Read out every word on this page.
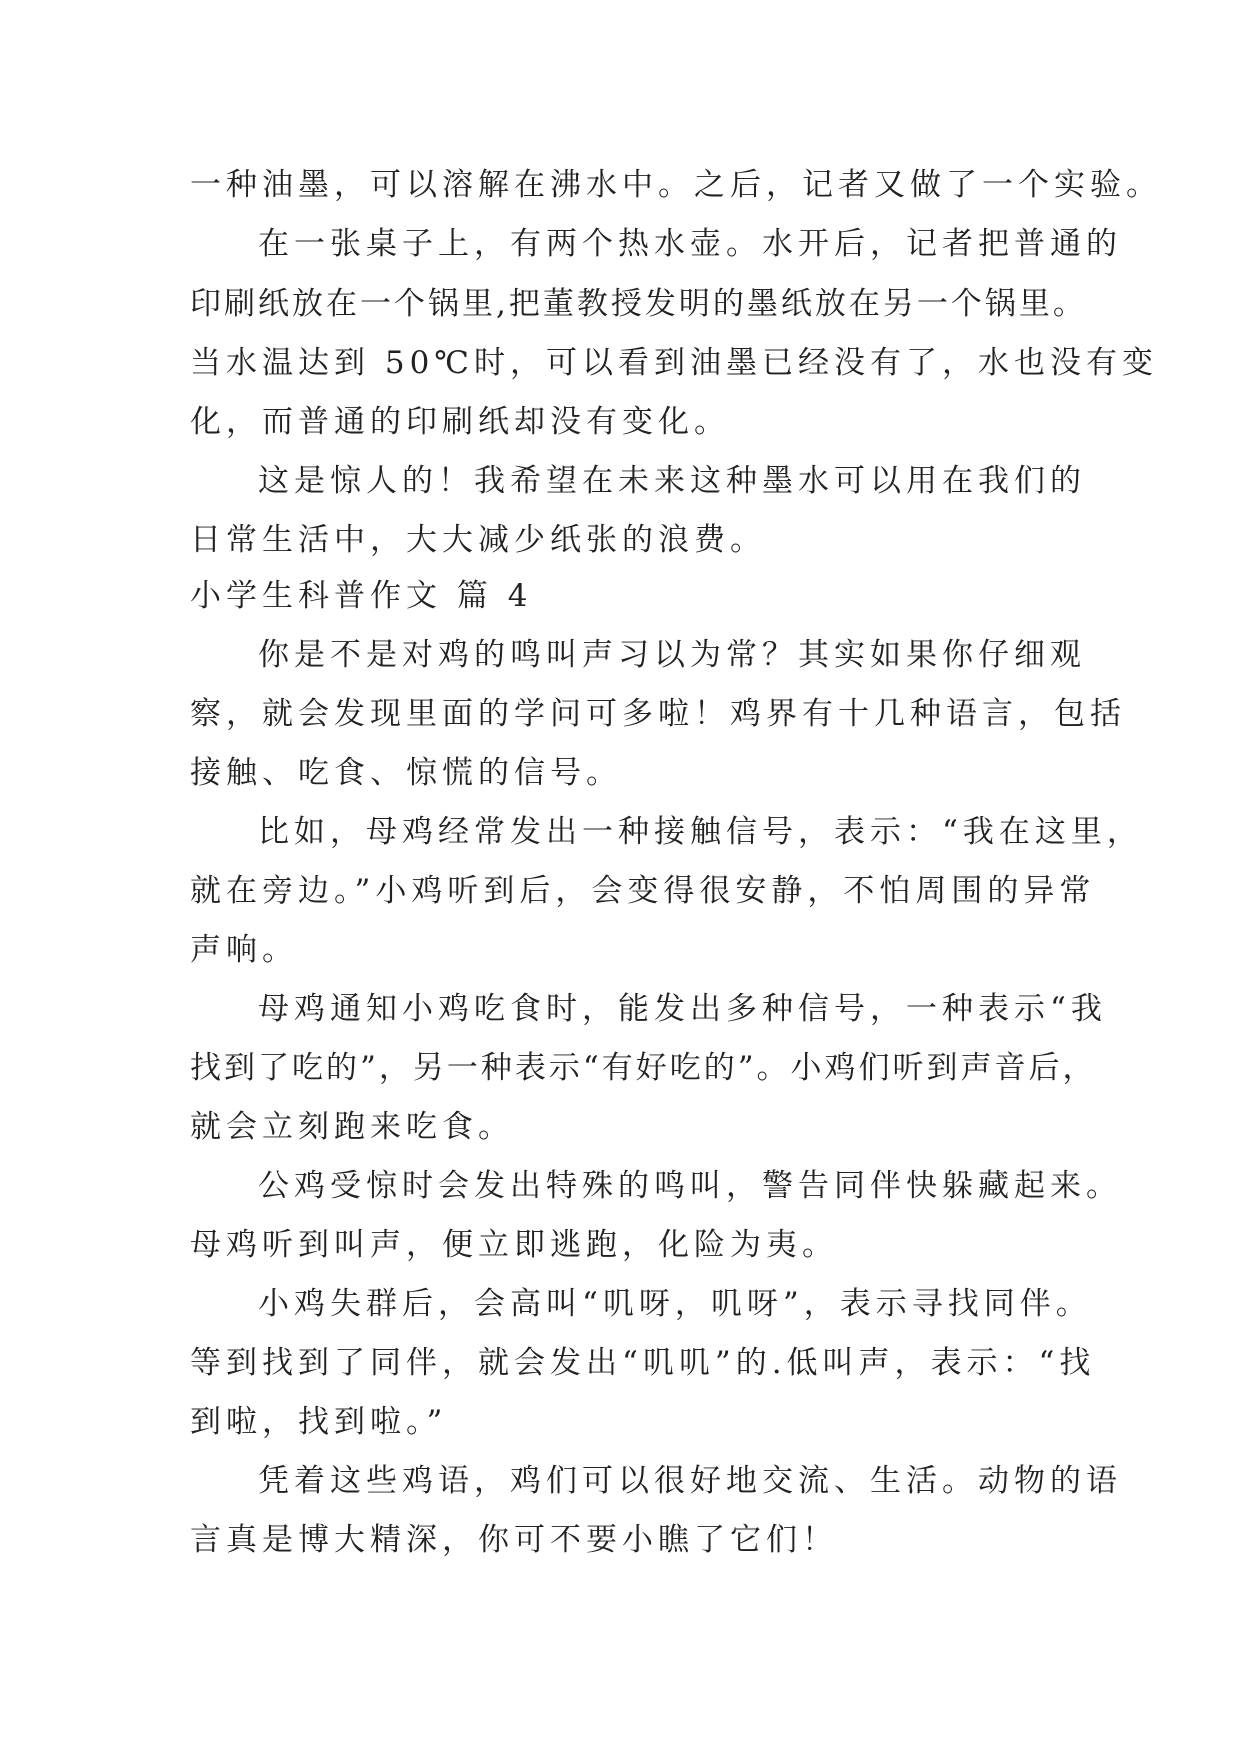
一种油墨，可以溶解在沸水中。之后，记者又做了一个实验。
在一张桌子上，有两个热水壶。水开后，记者把普通的
印刷纸放在一个锅里,把董教授发明的墨纸放在另一个锅里。
当水温达到 50℃时，可以看到油墨已经没有了，水也没有变
化，而普通的印刷纸却没有变化。
这是惊人的！我希望在未来这种墨水可以用在我们的
日常生活中，大大减少纸张的浪费。
小学生科普作文 篇 4
你是不是对鸡的鸣叫声习以为常？其实如果你仔细观
察，就会发现里面的学问可多啦！鸡界有十几种语言，包括
接触、吃食、惊慌的信号。
比如，母鸡经常发出一种接触信号，表示：“我在这里，
就在旁边。”小鸡听到后，会变得很安静，不怕周围的异常
声响。
母鸡通知小鸡吃食时，能发出多种信号，一种表示“我
找到了吃的”，另一种表示“有好吃的”。小鸡们听到声音后，
就会立刻跑来吃食。
公鸡受惊时会发出特殊的鸣叫，警告同伴快躲藏起来。
母鸡听到叫声，便立即逃跑，化险为夷。
小鸡失群后，会高叫“叽呀，叽呀”，表示寻找同伴。
等到找到了同伴，就会发出“叽叽”的.低叫声，表示：“找
到啦，找到啦。”
凭着这些鸡语，鸡们可以很好地交流、生活。动物的语
言真是博大精深，你可不要小瞧了它们！
